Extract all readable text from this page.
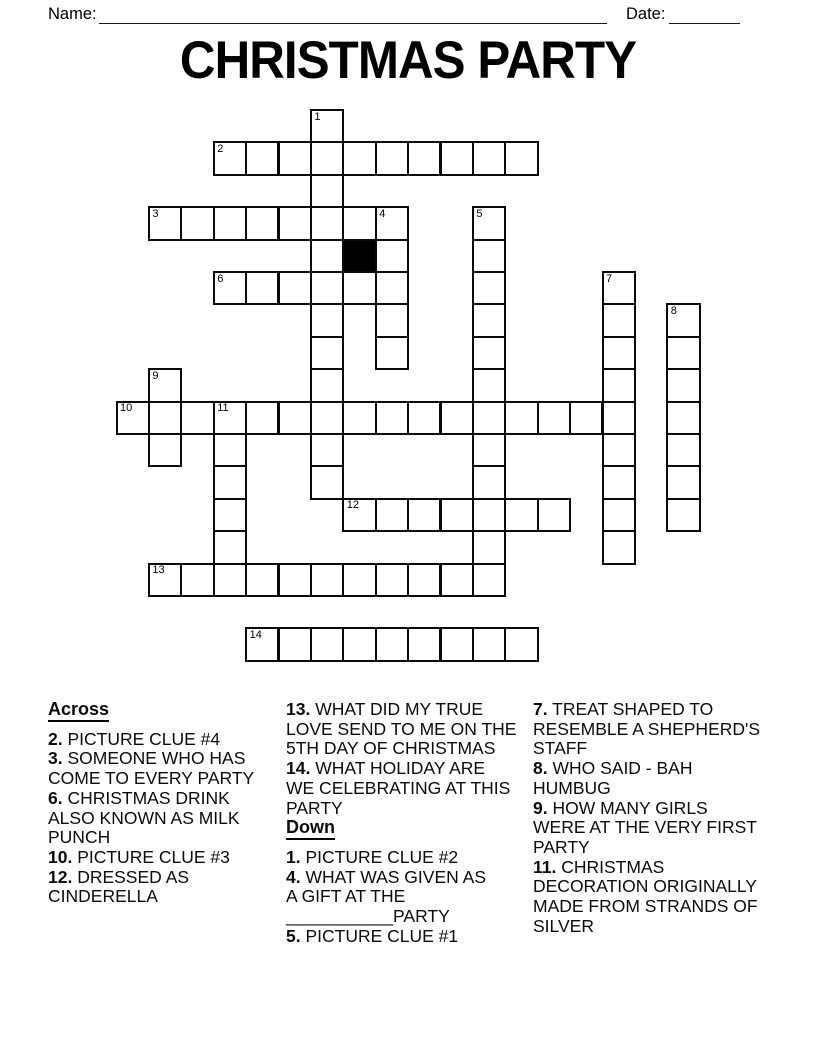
Name:	Date:
CHRISTMAS PARTY
1
2
3	4	5
6	7
8
9
10	11
12
13
14

Across

2. PICTURE CLUE #4

3. SOMEONE WHO HAS
COME TO EVERY PARTY

6. CHRISTMAS DRINK
ALSO KNOWN AS MILK
PUNCH

10. PICTURE CLUE #3

12. DRESSED AS
CINDERELLA

13. WHAT DID MY TRUE
LOVE SEND TO ME ON THE
5TH DAY OF CHRISTMAS

14. WHAT HOLIDAY ARE
WE CELEBRATING AT THIS
PARTY

Down

1. PICTURE CLUE #2

4. WHAT WAS GIVEN AS
A GIFT AT THE
___________PARTY

5. PICTURE CLUE #1

7. TREAT SHAPED TO
RESEMBLE A SHEPHERD'S
STAFF

8. WHO SAID - BAH
HUMBUG

9. HOW MANY GIRLS
WERE AT THE VERY FIRST
PARTY

11. CHRISTMAS
DECORATION ORIGINALLY
MADE FROM STRANDS OF
SILVER
